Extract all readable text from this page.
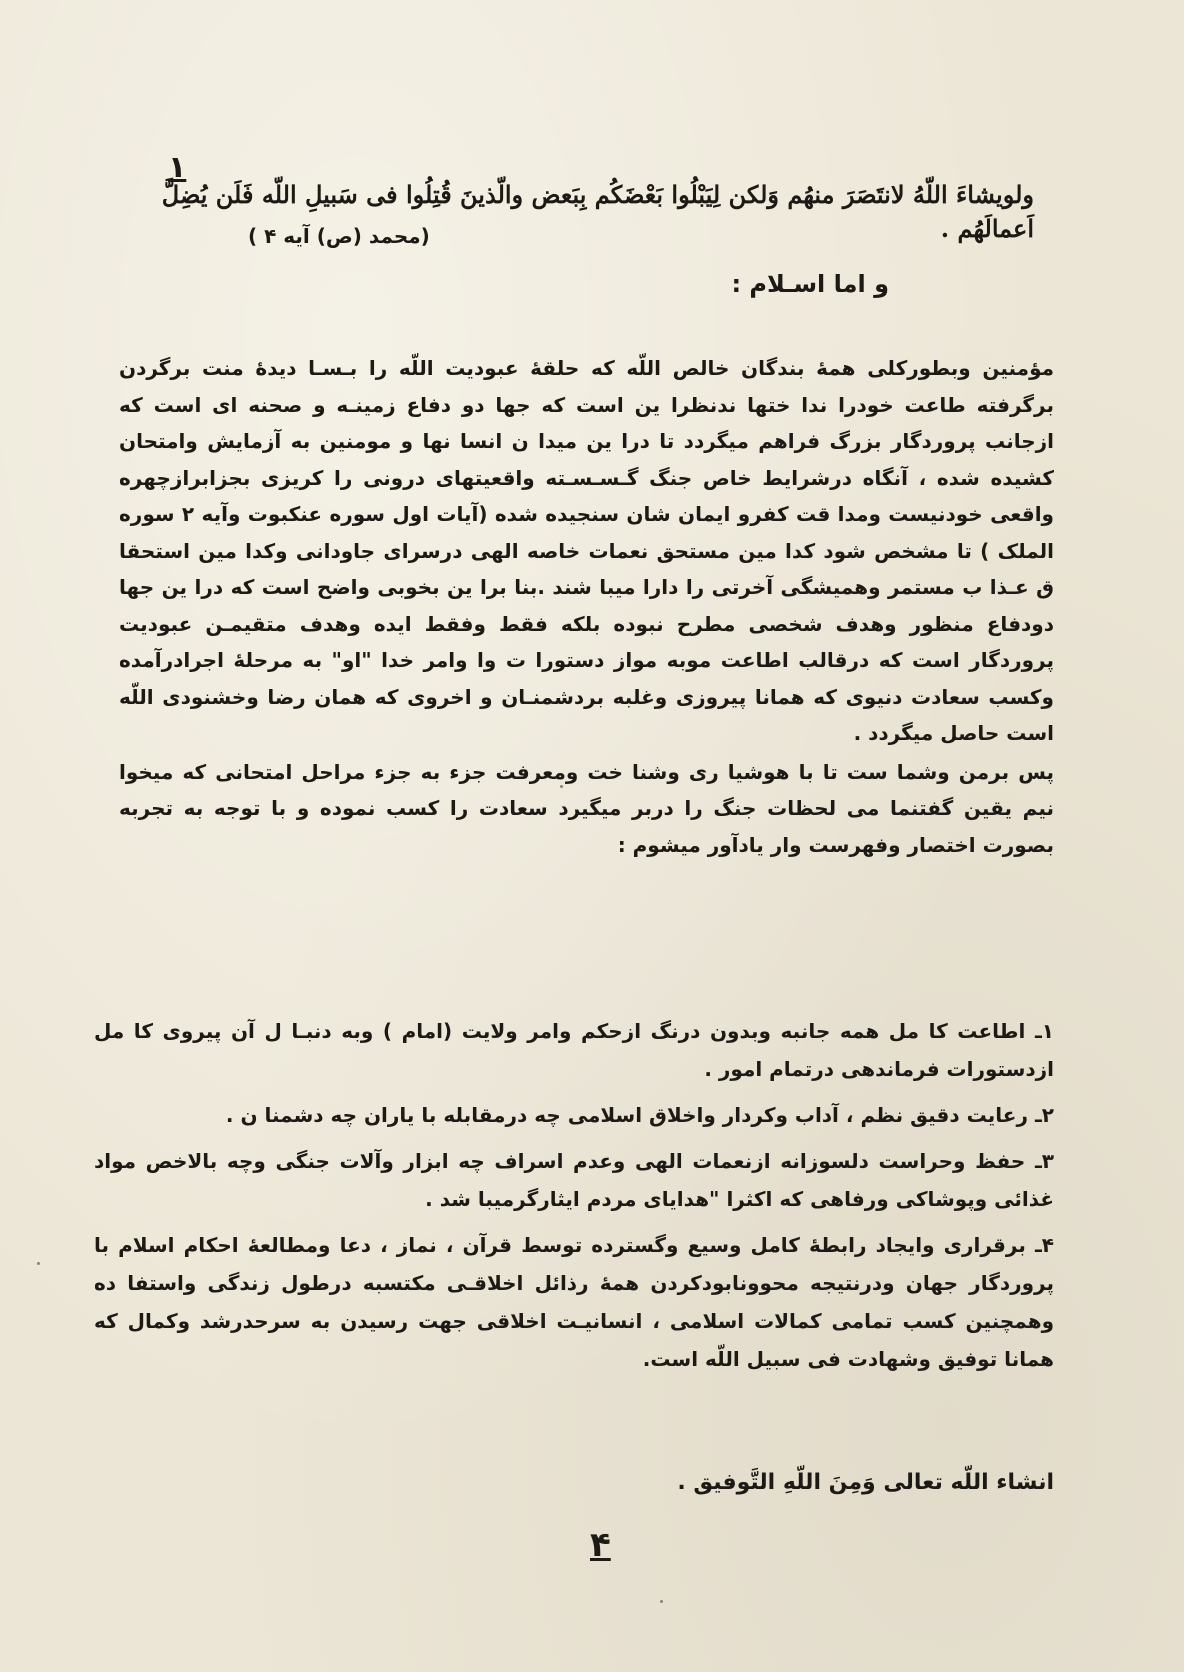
۱
ولویشاءَ اللّهُ لانتَصَرَ منهُم وَلکن لِیَبْلُوا بَعْضَکُم بِبَعض والّذینَ قُتِلُوا فی سَبیلِ اللّه فَلَن یُضِلَّ اَعمالَهُم .
(محمد (ص) آیه ۴ )
و اما اسـلام :

مؤمنین وبطورکلی همهٔ بندگان خالص اللّه که حلقهٔ عبودیت اللّه را بـسـا دیدهٔ منت برگردن برگرفته طاعت خودرا ندا ختها ندنظرا ین است که جها دو دفاع زمینـه و صحنه ای است که ازجانب پروردگار بزرگ فراهم میگردد تا درا ین میدا ن انسا نها و مومنین به آزمایش وامتحان کشیده شده ، آنگاه درشرایط خاص جنگ گـسـسـته واقعیتهای درونی را کریزی بجزابرازچهره واقعی خودنیست ومدا قت کفرو ایمان شان سنجیده شده (آیات اول سوره عنکبوت وآیه ۲ سوره الملک ) تا مشخص شود کدا مین مستحق نعمات خاصه الهی درسرای جاودانی وکدا مین استحقا ق عـذا ب مستمر وهمیشگی آخرتی را دارا میبا شند .بنا برا ین بخوبی واضح است که درا ین جها دودفاع منظور وهدف شخصی مطرح نبوده بلکه فقط وفقط ایده وهدف متقیمـن عبودیت پروردگار است که درقالب اطاعت موبه مواز دستورا ت وا وامر خدا "او" به مرحلهٔ اجرادرآمده وکسب سعادت دنیوی که همانا پیروزی وغلبه بردشمنـان و اخروی که همان رضا وخشنودی اللّه است حاصل میگردد .

پس برمن وشما ست تا با هوشیا ری وشنا خت ومعرفت جزء به جزء مراحل امتحانی که میخوا نیم یقین گفتنما می لحظات جنگ را دربر میگیرد سعادت را کسب نموده و با توجه به تجربه بصورت اختصار وفهرست وار یادآور میشوم :

۱ـ اطاعت کا مل همه جانبه وبدون درنگ ازحکم وامر ولایت (امام ) وبه دنبـا ل آن پیروی کا مل ازدستورات فرماندهی درتمام امور .
۲ـ رعایت دقیق نظم ، آداب وکردار واخلاق اسلامی چه درمقابله با یاران چه دشمنا ن .
۳ـ حفظ وحراست دلسوزانه ازنعمات الهی وعدم اسراف چه ابزار وآلات جنگی وچه بالاخص مواد غذائی وپوشاکی ورفاهی که اکثرا "هدایای مردم ایثارگرمیبا شد .
۴ـ برقراری وایجاد رابطهٔ کامل وسیع وگسترده توسط قرآن ، نماز ، دعا ومطالعهٔ احکام اسلام با پروردگار جهان ودرنتیجه محوونابودکردن همهٔ رذائل اخلاقـی مکتسبه درطول زندگی واستفا ده وهمچنین کسب تمامی کمالات اسلامی ، انسانیـت اخلاقی جهت رسیدن به سرحدرشد وکمال که همانا توفیق وشهادت فی سبیل اللّه است.
انشاء اللّه تعالی وَمِنَ اللّهِ التَّوفیق .
۴
